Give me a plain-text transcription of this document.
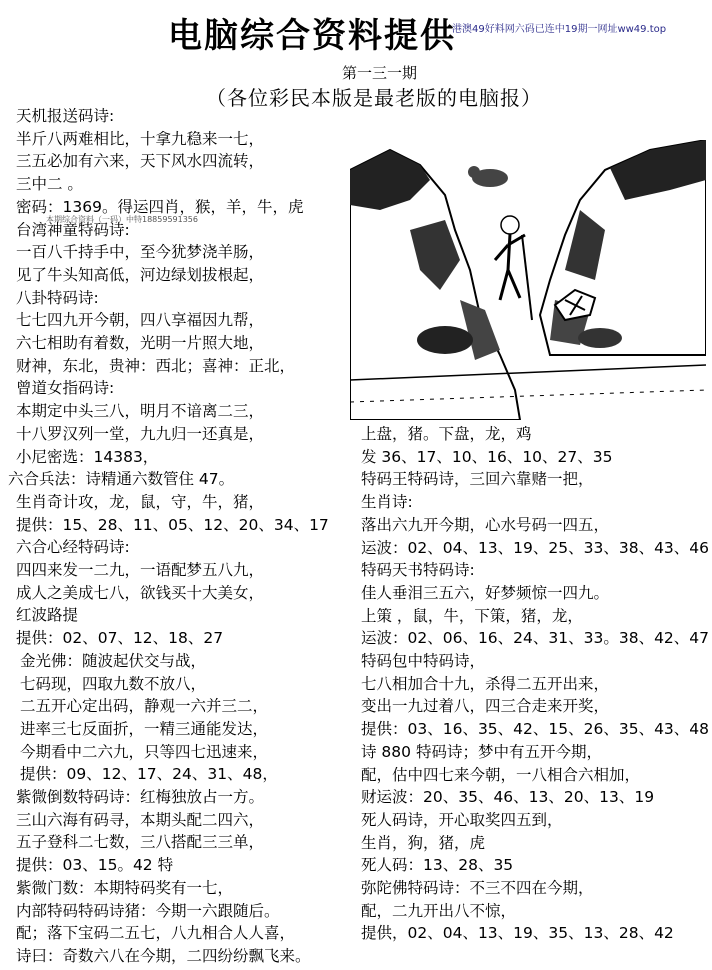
电脑综合资料提供
港澳49好料网六码已连中19期一网址ww49.top
第一三一期
（各位彩民本版是最老版的电脑报）
天机报送码诗:
半斤八两难相比，十拿九稳来一七，
三五必加有六来，天下风水四流转，
三中二 。
密码：1369。得运四肖，猴，羊，牛，虎
台湾神童特码诗:
一百八千持手中，至今犹梦浇羊肠，
见了牛头知高低，河边绿划拔根起，
八卦特码诗:
七七四九开今朝，四八享福因九帮，
六七相助有着数，光明一片照大地，
财神，东北，贵神：西北；喜神：正北，
曾道女指码诗:
本期定中头三八，明月不谙离二三，
十八罗汉列一堂，九九归一还真是，
小尼密选：14383，
六合兵法：诗精通六数管住 47。
生肖奇计攻，龙，鼠，守，牛，猪，
提供：15、28、11、05、12、20、34、17
六合心经特码诗:
四四来发一二九，一语配梦五八九，
成人之美成七八，欲钱买十大美女，
红波路提
提供：02、07、12、18、27
金光佛：随波起伏交与战，
七码现，四取九数不放八，
二五开心定出码，静观一六并三二，
进率三七反面折，一精三通能发达，
今期看中二六九，只等四七迅速来，
提供：09、12、17、24、31、48，
紫微倒数特码诗：红梅独放占一方。
三山六海有码寻，本期头配二四六，
五子登科二七数，三八搭配三三单，
提供：03、15。42 特
紫微门数：本期特码奖有一七，
内部特码特码诗猪：今期一六跟随后。
配；落下宝码二五七，八九相合人人喜，
诗曰：奇数六八在今期，二四纷纷飘飞来。
上盘，猪。下盘，龙，鸡
发 36、17、10、16、10、27、35
特码王特码诗，三回六靠赌一把，
生肖诗:
落出六九开今期，心水号码一四五，
运波：02、04、13、19、25、33、38、43、46
特码天书特码诗:
佳人垂泪三五六，好梦频惊一四九。
上策 ，鼠，牛，下策，猪，龙，
运波：02、06、16、24、31、33。38、42、47
特码包中特码诗，
七八相加合十九，杀得二五开出来，
变出一九过着八，四三合走来开奖，
提供：03、16、35、42、15、26、35、43、48
诗 880 特码诗；梦中有五开今期，
配，估中四七来今朝，一八相合六相加，
财运波：20、35、46、13、20、13、19
死人码诗，开心取奖四五到，
生肖，狗，猪，虎
死人码：13、28、35
弥陀佛特码诗：不三不四在今期，
配，二九开出八不惊，
提供，02、04、13、19、35、13、28、42
本期综合资料（一码）中特18859591356
